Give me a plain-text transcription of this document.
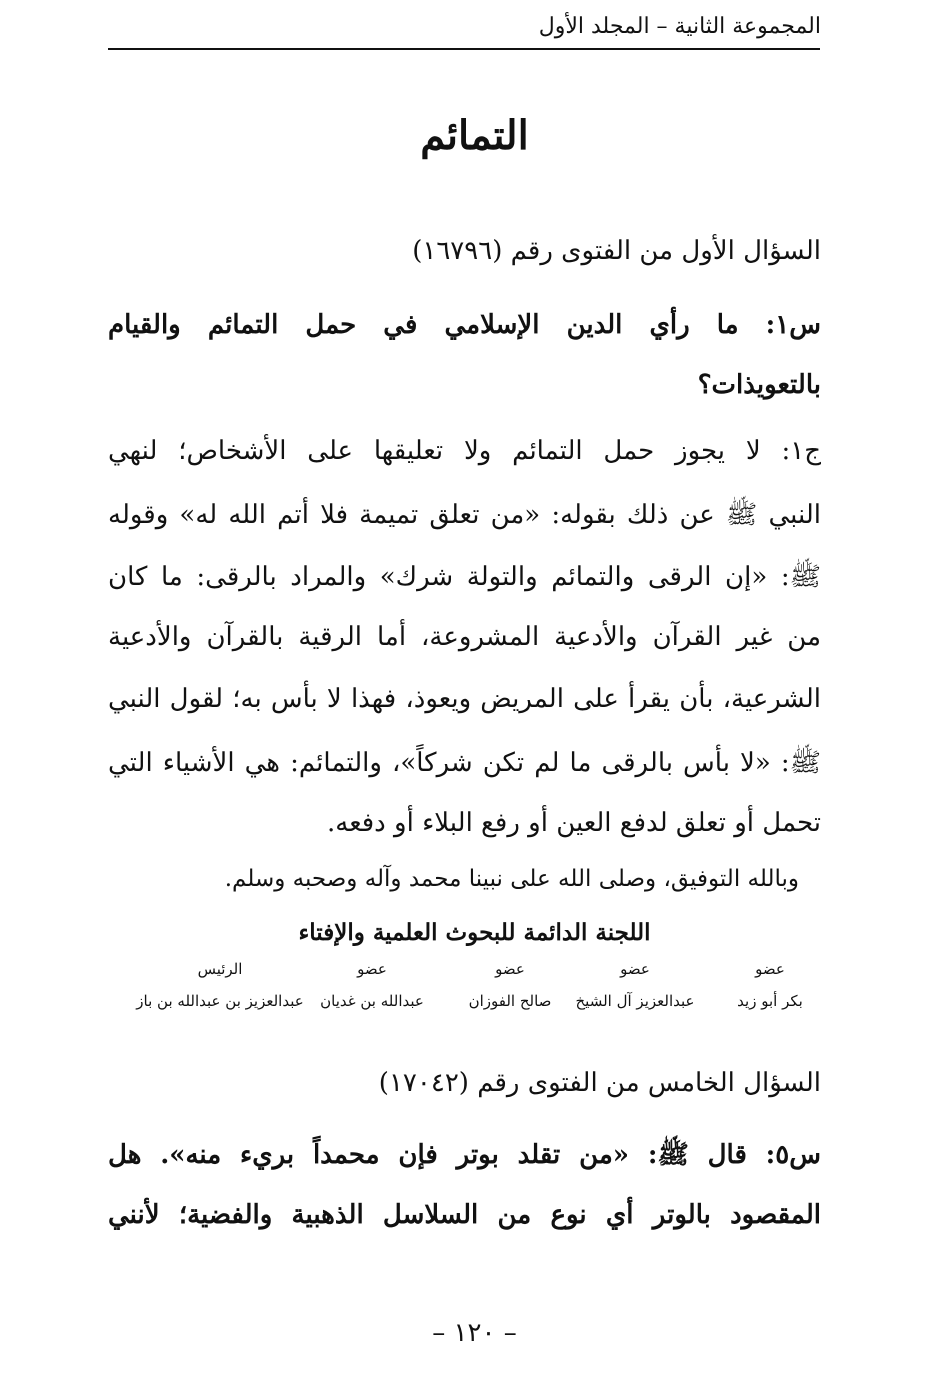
المجموعة الثانية – المجلد الأول
التمائم
السؤال الأول من الفتوى رقم (١٦٧٩٦)
س١: ما رأي الدين الإسلامي في حمل التمائم والقيام
بالتعويذات؟
ج١: لا يجوز حمل التمائم ولا تعليقها على الأشخاص؛ لنهي
النبي ﷺ عن ذلك بقوله: «من تعلق تميمة فلا أتم الله له» وقوله
ﷺ: «إن الرقى والتمائم والتولة شرك» والمراد بالرقى: ما كان
من غير القرآن والأدعية المشروعة، أما الرقية بالقرآن والأدعية
الشرعية، بأن يقرأ على المريض ويعوذ، فهذا لا بأس به؛ لقول النبي
ﷺ: «لا بأس بالرقى ما لم تكن شركاً»، والتمائم: هي الأشياء التي
تحمل أو تعلق لدفع العين أو رفع البلاء أو دفعه.
وبالله التوفيق، وصلى الله على نبينا محمد وآله وصحبه وسلم.
اللجنة الدائمة للبحوث العلمية والإفتاء
عضو
بكر أبو زيد
عضو
عبدالعزيز آل الشيخ
عضو
صالح الفوزان
عضو
عبدالله بن غديان
الرئيس
عبدالعزيز بن عبدالله بن باز
السؤال الخامس من الفتوى رقم (١٧٠٤٢)
س٥: قال ﷺ: «من تقلد بوتر فإن محمداً بريء منه». هل
المقصود بالوتر أي نوع من السلاسل الذهبية والفضية؛ لأنني
– ١٢٠ –
